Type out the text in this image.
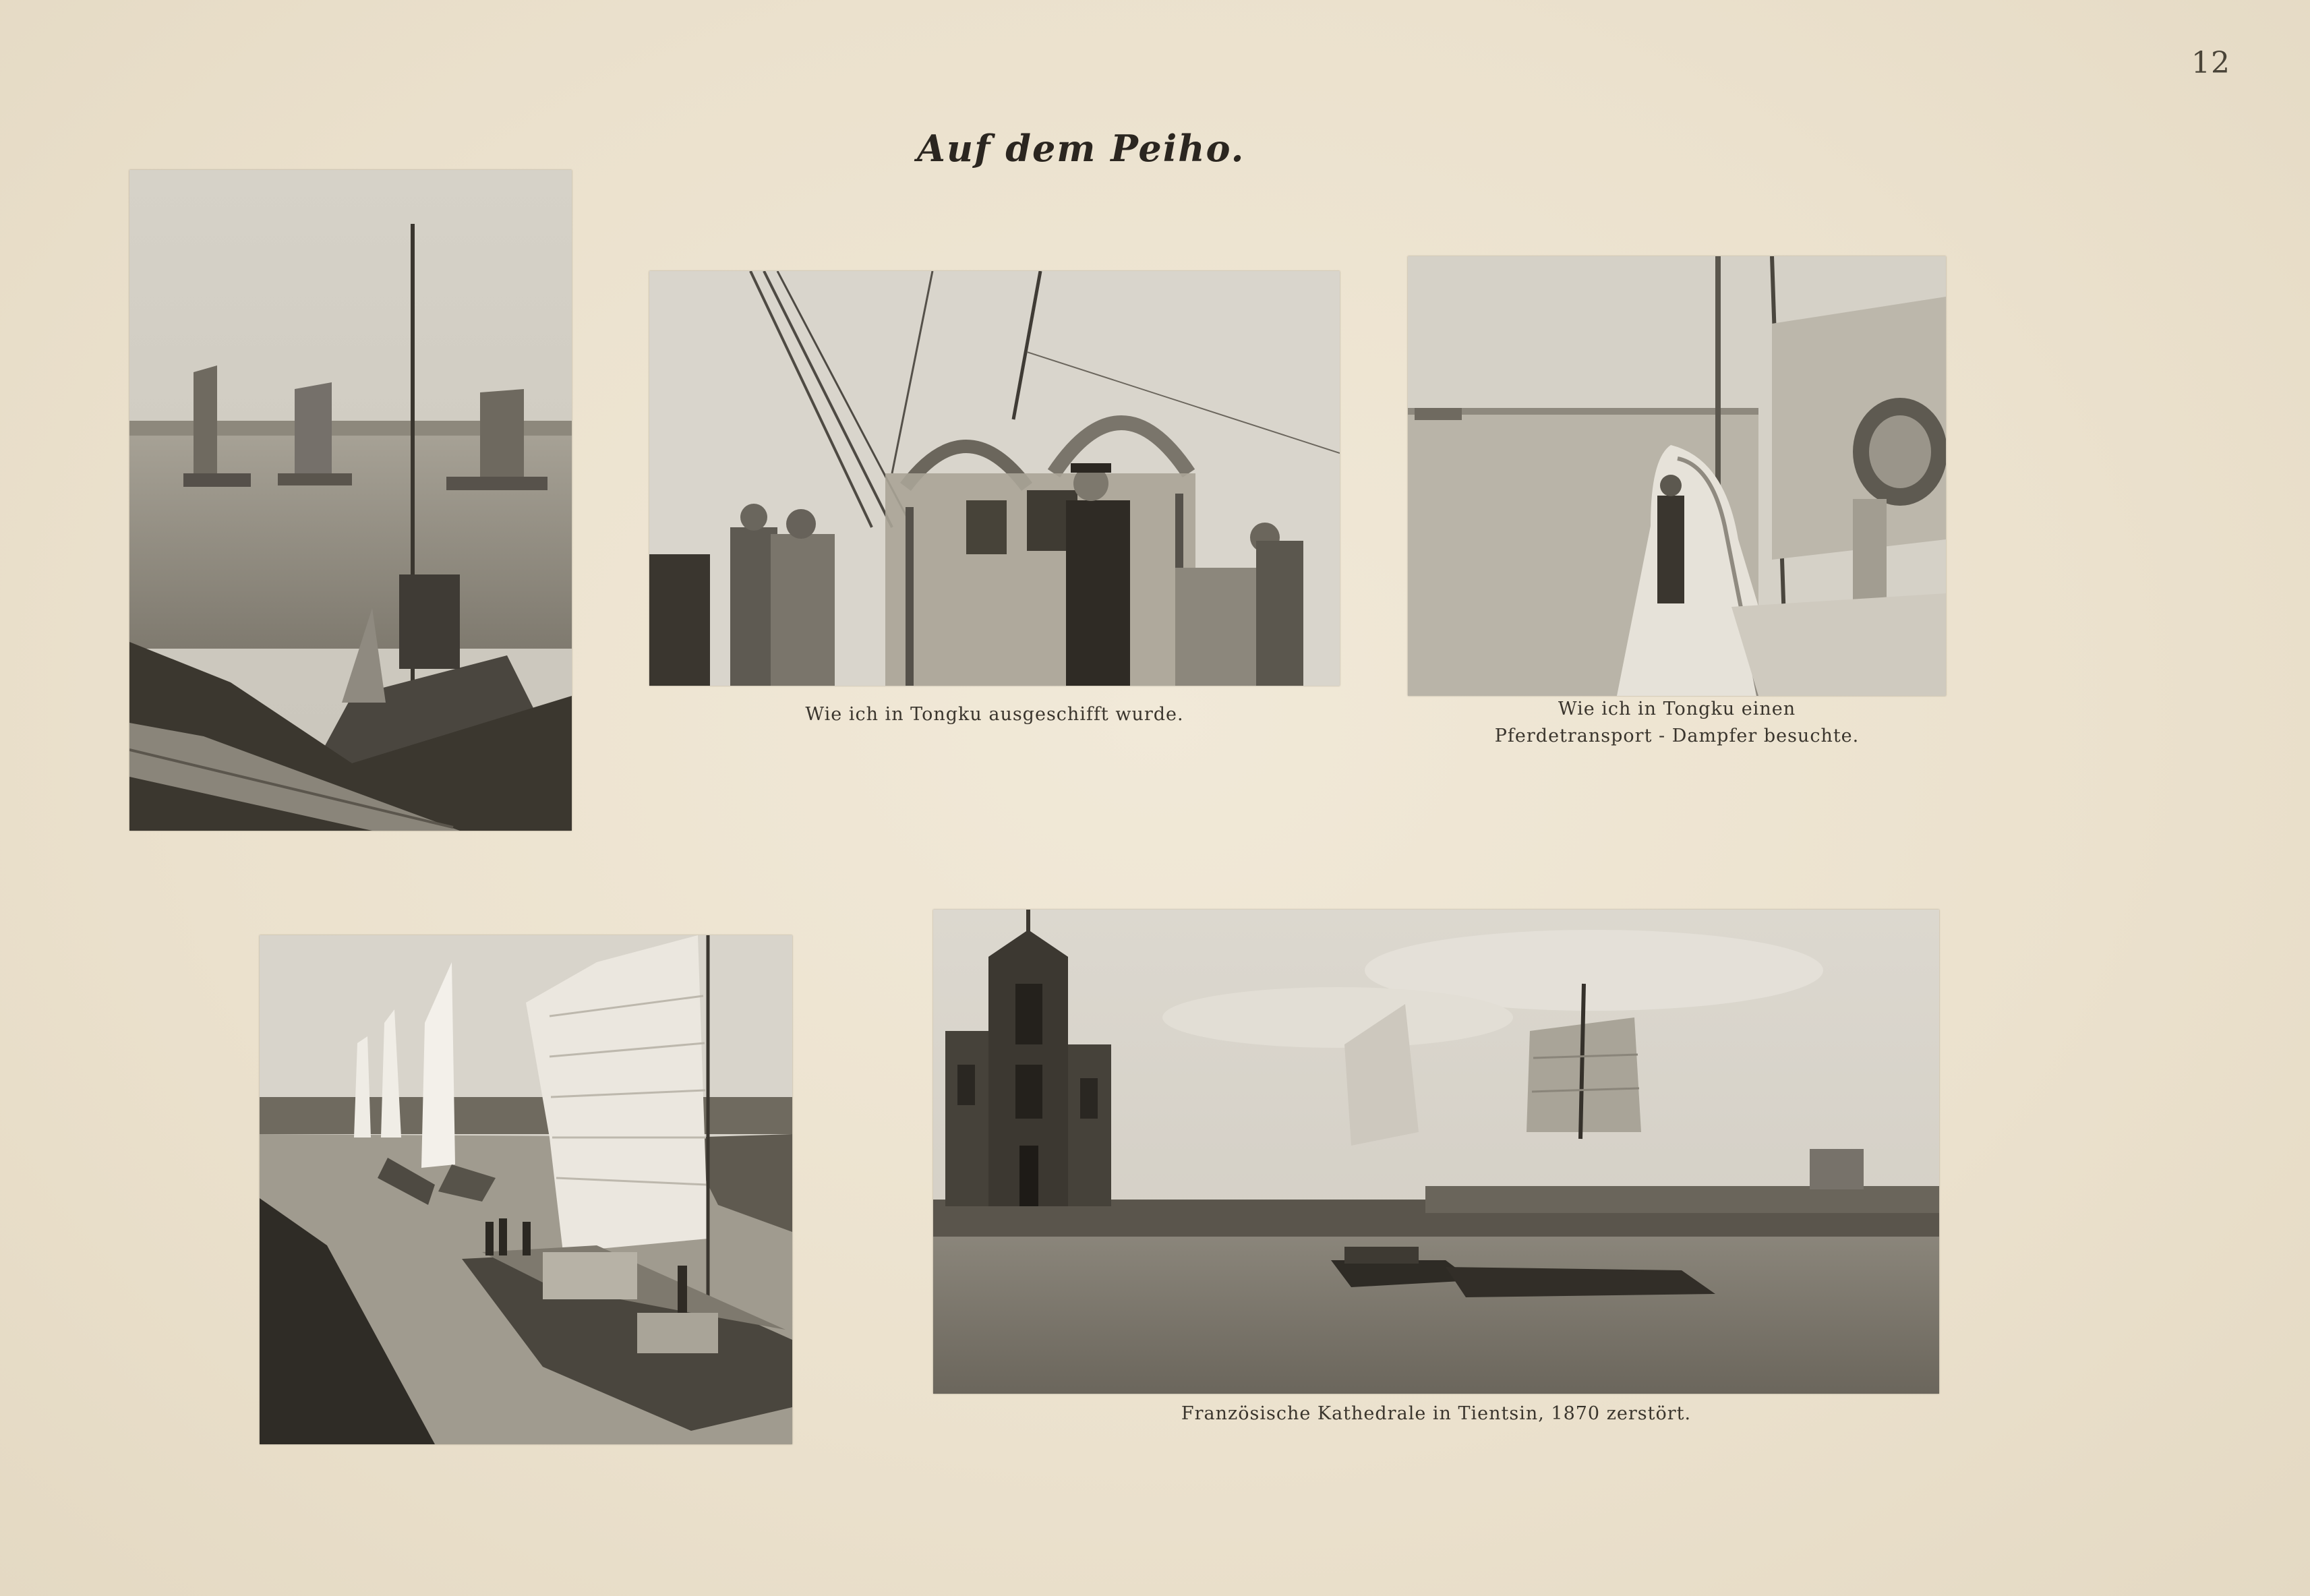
12
Auf dem Peiho.
Wie ich in Tongku ausgeschifft wurde.	Wie ich in Tongku einen
Pferdetransport - Dampfer besuchte.
Französische Kathedrale in Tientsin, 1870 zerstört.
